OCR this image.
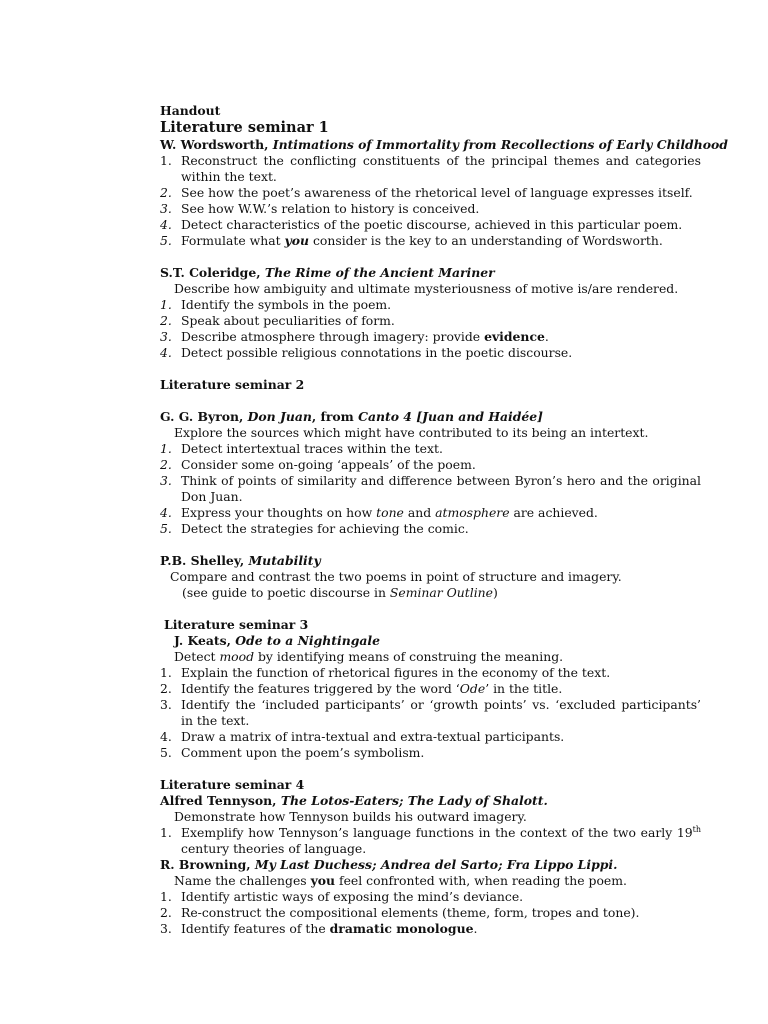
Handout
Literature seminar 1
W. Wordsworth, Intimations of Immortality from Recollections of Early Childhood
1. Reconstruct the conflicting constituents of the principal themes and categories within the text.
2. See how the poet’s awareness of the rhetorical level of language expresses itself.
3. See how W.W.’s relation to history is conceived.
4. Detect characteristics of the poetic discourse, achieved in this particular poem.
5. Formulate what you consider is the key to an understanding of Wordsworth.
S.T. Coleridge, The Rime of the Ancient Mariner
Describe how ambiguity and ultimate mysteriousness of motive is/are rendered.
1. Identify the symbols in the poem.
2. Speak about peculiarities of form.
3. Describe atmosphere through imagery: provide evidence.
4. Detect possible religious connotations in the poetic discourse.
Literature seminar 2
G. G. Byron, Don Juan, from Canto 4 [Juan and Haidée]
Explore the sources which might have contributed to its being an intertext.
1. Detect intertextual traces within the text.
2. Consider some on-going ‘appeals’ of the poem.
3. Think of points of similarity and difference between Byron’s hero and the original Don Juan.
4. Express your thoughts on how tone and atmosphere are achieved.
5. Detect the strategies for achieving the comic.
P.B. Shelley, Mutability
Compare and contrast the two poems in point of structure and imagery.
(see guide to poetic discourse in Seminar Outline)
Literature seminar 3
J. Keats, Ode to a Nightingale
Detect mood by identifying means of construing the meaning.
1. Explain the function of rhetorical figures in the economy of the text.
2. Identify the features triggered by the word ‘Ode’ in the title.
3. Identify the ‘included participants’ or ‘growth points’ vs. ‘excluded participants’ in the text.
4. Draw a matrix of intra-textual and extra-textual participants.
5. Comment upon the poem’s symbolism.
Literature seminar 4
Alfred Tennyson, The Lotos-Eaters; The Lady of Shalott.
Demonstrate how Tennyson builds his outward imagery.
1. Exemplify how Tennyson’s language functions in the context of the two early 19th century theories of language.
R. Browning, My Last Duchess; Andrea del Sarto; Fra Lippo Lippi.
Name the challenges you feel confronted with, when reading the poem.
1. Identify artistic ways of exposing the mind’s deviance.
2. Re-construct the compositional elements (theme, form, tropes and tone).
3. Identify features of the dramatic monologue.
